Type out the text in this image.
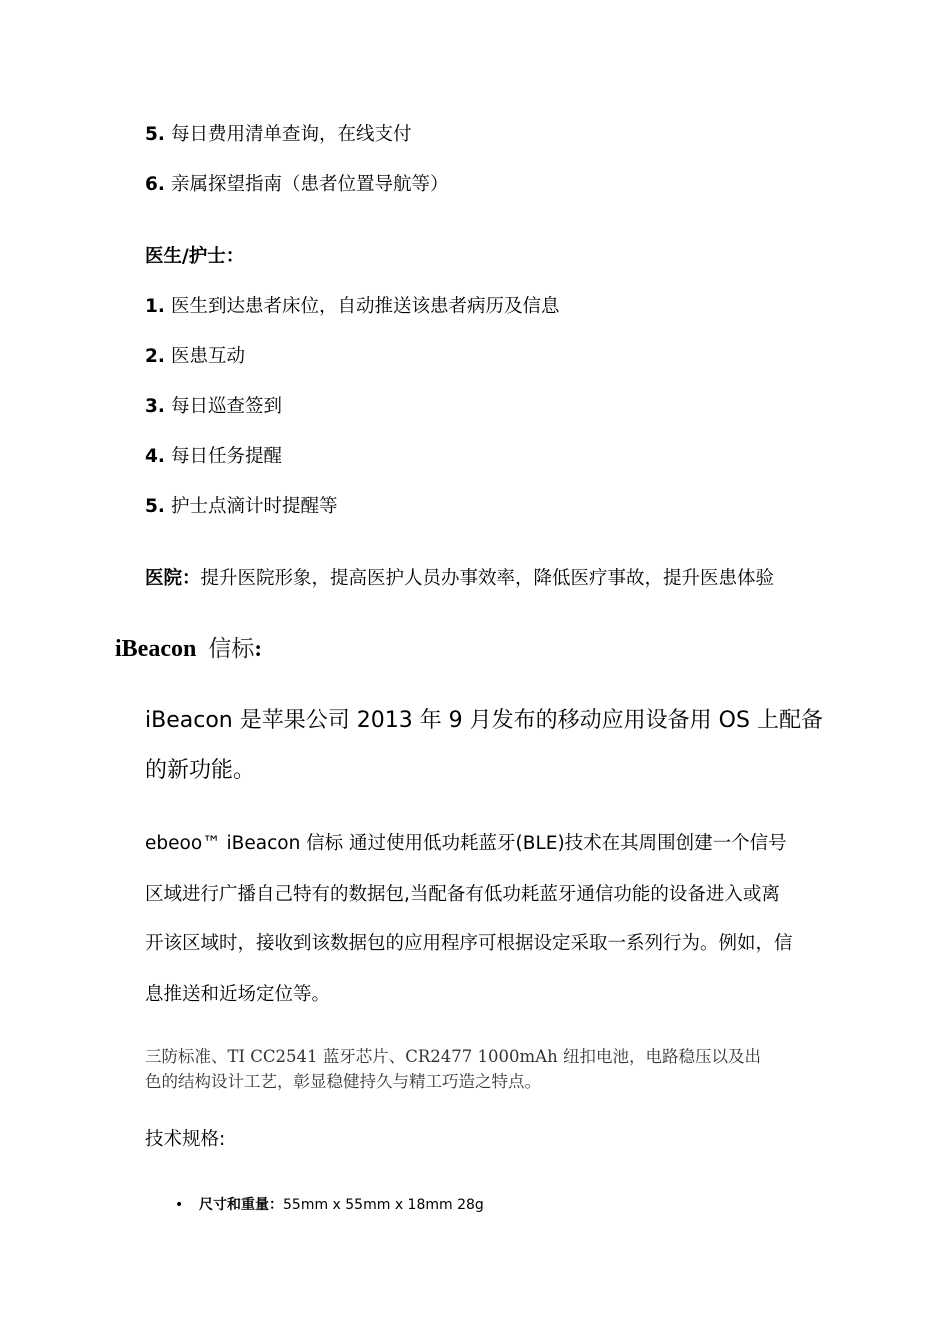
5. 每日费用清单查询，在线支付
6. 亲属探望指南（患者位置导航等）
医生/护士：
1. 医生到达患者床位，自动推送该患者病历及信息
2. 医患互动
3. 每日巡查签到
4. 每日任务提醒
5. 护士点滴计时提醒等
医院：提升医院形象，提高医护人员办事效率，降低医疗事故，提升医患体验
iBeacon 信标:
iBeacon 是苹果公司 2013 年 9 月发布的移动应用设备用 OS 上配备
的新功能。
ebeoo™ iBeacon 信标 通过使用低功耗蓝牙(BLE)技术在其周围创建一个信号
区域进行广播自己特有的数据包,当配备有低功耗蓝牙通信功能的设备进入或离
开该区域时，接收到该数据包的应用程序可根据设定采取一系列行为。例如，信
息推送和近场定位等。
三防标准、TI CC2541 蓝牙芯片、CR2477 1000mAh 纽扣电池，电路稳压以及出
色的结构设计工艺，彰显稳健持久与精工巧造之特点。
技术规格:
• 尺寸和重量：55mm x 55mm x 18mm 28g
